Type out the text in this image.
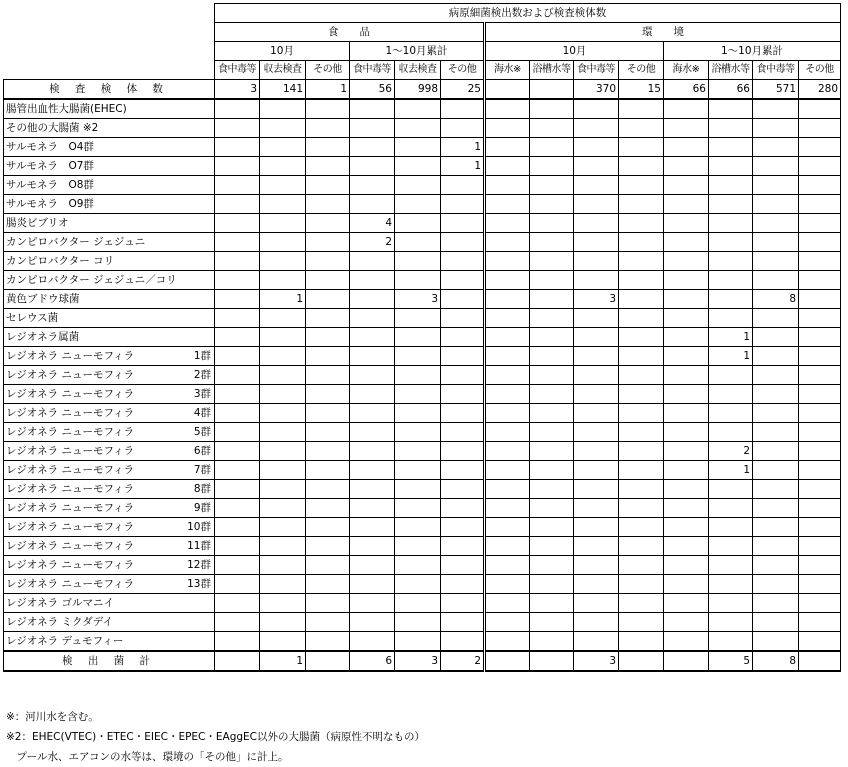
	病原細菌検出数および検査検体数													
	食　　品						環　　境							
	10月			1～10月累計			10月				1～10月累計			
	食中毒等	収去検査	その他	食中毒等	収去検査	その他	海水※	浴槽水等	食中毒等	その他	海水※	浴槽水等	食中毒等	その他
検 査 検 体 数	3	141	1	56	998	25			370	15	66	66	571	280
腸管出血性大腸菌(EHEC)														
その他の大腸菌 ※2														
サルモネラ　O4群						1								
サルモネラ　O7群						1								
サルモネラ　O8群														
サルモネラ　O9群														
腸炎ビブリオ				4										
カンピロバクター ジェジュニ				2										
カンピロバクター コリ														
カンピロバクター ジェジュニ／コリ														
黄色ブドウ球菌		1			3				3				8	
セレウス菌														
レジオネラ属菌												1		
レジオネラ ニューモフィラ 1群												1		
レジオネラ ニューモフィラ 2群														

レジオネラ ニューモフィラ 3群														

レジオネラ ニューモフィラ 4群														

レジオネラ ニューモフィラ 5群														

レジオネラ ニューモフィラ 6群												2		
レジオネラ ニューモフィラ 7群												1		
レジオネラ ニューモフィラ 8群														

レジオネラ ニューモフィラ 9群														

レジオネラ ニューモフィラ 10群														

レジオネラ ニューモフィラ 11群														

レジオネラ ニューモフィラ 12群														

レジオネラ ニューモフィラ 13群														

レジオネラ ゴルマニイ														
レジオネラ ミクダデイ														
レジオネラ デュモフィー														
検 出 菌 計		1		6	3	2			3			5	8	
※：河川水を含む。
※2：EHEC(VTEC)・ETEC・EIEC・EPEC・EAggEC以外の大腸菌（病原性不明なもの）
　プール水、エアコンの水等は、環境の「その他」に計上。
